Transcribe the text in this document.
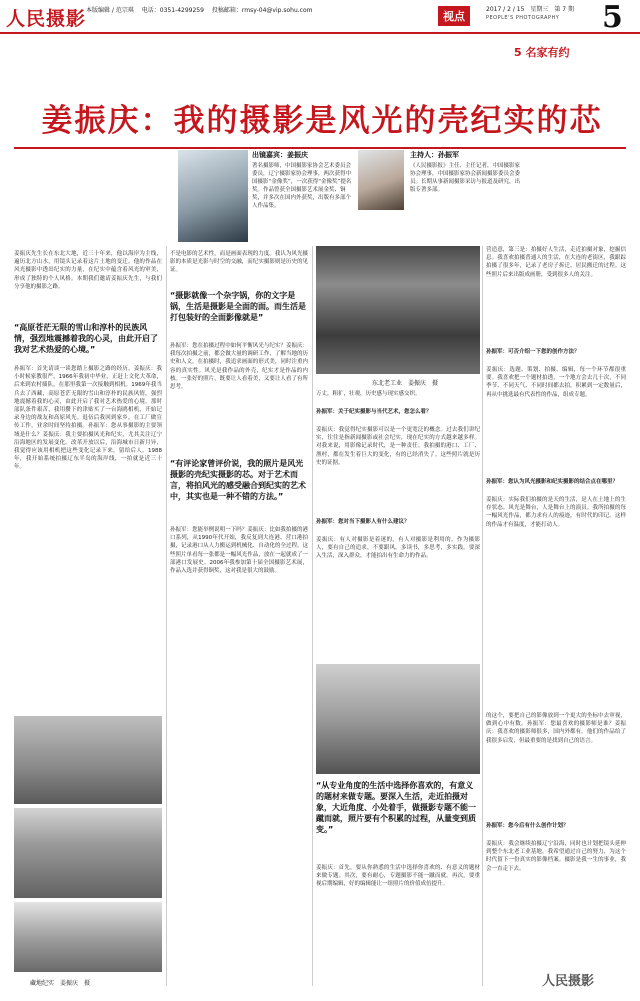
人民摄影 本版编辑 / 范宗琪　 电话：0351-4299259　 投稿邮箱：rmsy-04@vip.sohu.com	视点
2017 / 2 / 15　星期三　第 7 期
PEOPLE'S PHOTOGRAPHY 5
5 名家有约
姜振庆：我的摄影是风光的壳纪实的芯
出镜嘉宾：姜振庆
著名摄影师，中国摄影家协会艺术委员会委员，辽宁摄影家协会理事，两次获得中国摄影“金像奖”，一次获得“金像奖”提名奖。作品曾获全国摄影艺术展金奖、铜奖，并多次在国内外获奖，出版有多部个人作品集。
主持人：孙振军
《人民摄影报》主任、主任记者，中国摄影家协会理事，中国摄影家协会新闻摄影委员会委员。长期从事新闻摄影采访与报道及研究，出版专著多部。
姜振庆先生长在东北大地，近三十年来，他以海岸为主线，遍历北方山水，用镜头记录着这片土地的变迁。他的作品在风光摄影中透出纪实的力量，在纪实中蕴含着风光的审美，形成了独特的个人风格。本期我们邀请姜振庆先生，与我们分享他的摄影之路。
“高原苍茫无限的雪山和淳朴的民族风情，强烈地震撼着我的心灵，由此开启了我对艺术热爱的心境。”
孙振军：首先请谈一谈您踏上摄影之路的经历。姜振庆：我小时候家教很严，1966年我初中毕业，正赶上文化大革命，后来到农村插队，在那里我第一次接触到相机。1969年我当兵去了西藏，高原苍茫无限的雪山和淳朴的民族风情，强烈地震撼着我的心灵，由此开启了我对艺术热爱的心境。那时部队条件艰苦，我用攒下的津贴买了一台海鸥相机，开始记录身边的战友和高原风光。退伍后我回到家乡，在工厂做宣传工作，业余时间坚持拍摄。孙振军：您从事摄影的主要领域是什么？姜振庆：我主要拍摄风光和纪实，尤其关注辽宁沿海地区的发展变化。改革开放以后，沿海城市日新月异，我觉得应该用相机把这些变化记录下来，留给后人。1988年，我开始系统拍摄辽东半岛的海岸线，一拍就是近三十年。
藏地纪实　姜振庆　摄
不是电影的艺术性，而是画面表现的力度。我认为风光摄影的本质是光影与时空的交融，而纪实摄影则是历史的见证。
“摄影就像一个杂字锅，你的文字是锅，生活是摄影是全面的面。而生活是打包装好的全面影像就是”
孙振军：您在拍摄过程中如何平衡风光与纪实？姜振庆：我每次拍摄之前，都会做大量的调研工作，了解当地的历史和人文。在拍摄时，我追求画面的形式美，同时注重内容的真实性。风光是我作品的外壳，纪实才是作品的内核。一张好的照片，既要让人看着美，又要让人看了有所思考。
“有评论家曾评价说，我的照片是风光摄影的壳纪实摄影的芯。对于艺术而言，将拍风光的感受融合到纪实的艺术中，其实也是一种不错的方法。”
孙振军：您能举例说明一下吗？姜振庆：比如我拍摄的港口系列，从1990年代开始，我反复到大连港、营口港拍摄，记录港口从人力搬运到机械化、自动化的全过程。这些照片单看每一张都是一幅风光作品，放在一起就成了一部港口发展史。2006年我参加第十届全国摄影艺术展，作品入选并获得铜奖，这对我是很大的鼓励。
东北老工业　姜振庆　摄
营造意，第三是：拍摄好人生活，走近拍摄对象，挖掘信息。我喜欢拍摄普通人的生活，在大连的老街区，我跟踪拍摄了很多年，记录了老房子拆迁、居民搬迁的过程。这些照片后来出版成画册，受到很多人的关注。
孙振军：可否介绍一下您的创作方法？
姜振庆：选题、策划、拍摄、编辑，每一个环节都很重要。我喜欢把一个题材拍透，一个地方会去几十次，不同季节、不同天气、不同时间都去拍。积累到一定数量后，再从中挑选最有代表性的作品，组成专题。
孙振军：您认为风光摄影和纪实摄影的结合点在哪里？
姜振庆：实际我们拍摄的是天的生活，是人在土地上的生存状态。风光是舞台，人是舞台上的演员。我所拍摄的每一幅风光作品，都力求有人的痕迹，有时代的印记。这样的作品才有温度，才能打动人。
万丈，粗犷，壮观，历史感与现实感交织。
孙振军：关于纪实摄影与当代艺术，您怎么看？
姜振庆：我觉得纪实摄影可以是一个更宽泛的概念。过去我们讲纪实，往往是指新闻摄影或社会纪实，现在纪实的方式越来越多样。对我来说，用影像记录时代，是一种责任。我拍摄的港口、工厂、渔村，都在发生着巨大的变化，有的已经消失了。这些照片就是历史的证据。
孙振军：您对当下摄影人有什么建议？
姜振庆：有人对摄影是着迷的，有人对摄影是利用的。作为摄影人，要有自己的追求，不要跟风。多读书，多思考，多实践。要深入生活，深入群众，才能拍出有生命力的作品。
“从专业角度的生活中选择你喜欢的，有意义的题材来做专题。要深入生活，走近拍摄对象，大近角度、小处着手，做摄影专题不能一蹴而就，照片要有个积累的过程，从量变到质变。”
姜振庆：首先，要从你熟悉的生活中选择你喜欢的、有意义的题材来做专题。其次，要有耐心，专题摄影不能一蹴而就。再次，要重视后期编辑，好的编辑能让一组照片的价值成倍提升。
的这个，要把自己的影像放到一个更大的坐标中去审视，做到心中有数。孙振军：您最喜欢的摄影师是谁？姜振庆：我喜欢的摄影师很多，国内外都有。他们的作品给了我很多启发，但最重要的是找到自己的语言。
孙振军：您今后有什么创作计划？
姜振庆：我会继续拍摄辽宁沿海，同时也计划把镜头延伸到整个东北老工业基地。我希望通过自己的努力，为这个时代留下一份真实的影像档案。摄影是我一生的事业，我会一直走下去。
藏地纪实　姜振庆　摄
人民摄影
